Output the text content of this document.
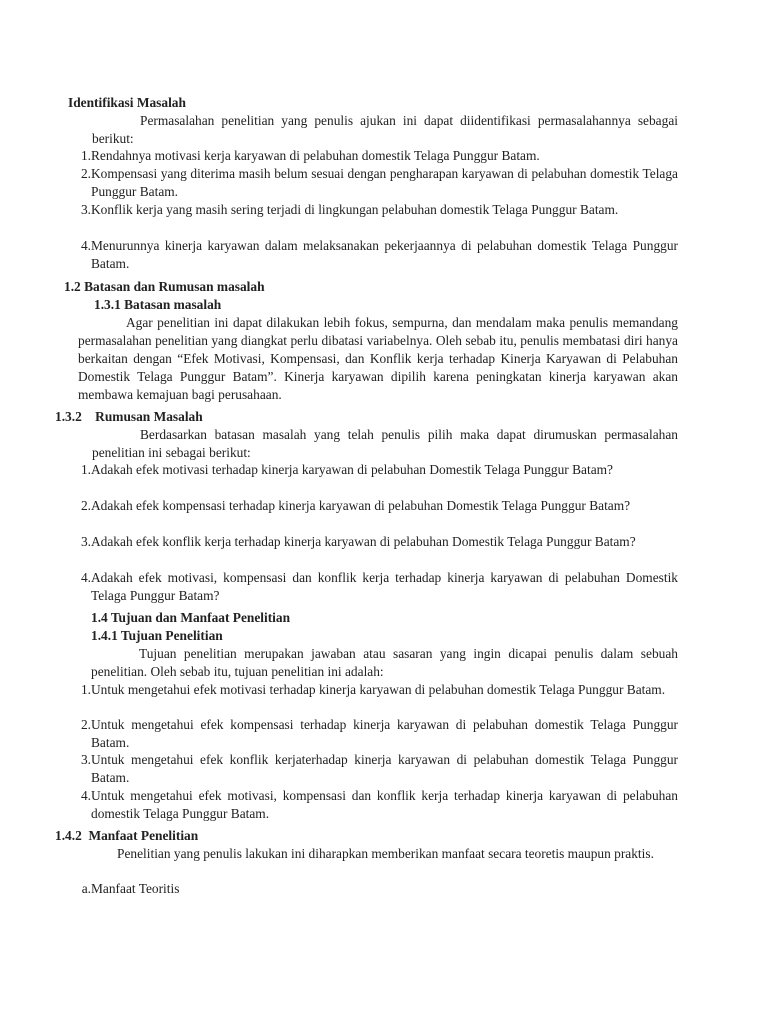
Identifikasi Masalah
Permasalahan penelitian yang penulis ajukan ini dapat diidentifikasi permasalahannya sebagai berikut:
1. Rendahnya motivasi kerja karyawan di pelabuhan domestik Telaga Punggur Batam.
2. Kompensasi yang diterima masih belum sesuai dengan pengharapan karyawan di pelabuhan domestik Telaga Punggur Batam.
3. Konflik kerja yang masih sering terjadi di lingkungan pelabuhan domestik Telaga Punggur Batam.
4. Menurunnya kinerja karyawan dalam melaksanakan pekerjaannya di pelabuhan domestik Telaga Punggur Batam.
1.2 Batasan dan Rumusan masalah
1.3.1 Batasan masalah
Agar penelitian ini dapat dilakukan lebih fokus, sempurna, dan mendalam maka penulis memandang permasalahan penelitian yang diangkat perlu dibatasi variabelnya. Oleh sebab itu, penulis membatasi diri hanya berkaitan dengan “Efek Motivasi, Kompensasi, dan Konflik kerja terhadap Kinerja Karyawan di Pelabuhan Domestik Telaga Punggur Batam”. Kinerja karyawan dipilih karena peningkatan kinerja karyawan akan membawa kemajuan bagi perusahaan.
1.3.2    Rumusan Masalah
Berdasarkan batasan masalah yang telah penulis pilih maka dapat dirumuskan permasalahan penelitian ini sebagai berikut:
1. Adakah efek motivasi terhadap kinerja karyawan di pelabuhan Domestik Telaga Punggur Batam?
2. Adakah efek kompensasi terhadap kinerja karyawan di pelabuhan Domestik Telaga Punggur Batam?
3. Adakah efek konflik kerja terhadap kinerja karyawan di pelabuhan Domestik Telaga Punggur Batam?
4. Adakah efek motivasi, kompensasi dan konflik kerja terhadap kinerja karyawan di pelabuhan Domestik Telaga Punggur Batam?
1.4 Tujuan dan Manfaat Penelitian
1.4.1 Tujuan Penelitian
Tujuan penelitian merupakan jawaban atau sasaran yang ingin dicapai penulis dalam sebuah penelitian. Oleh sebab itu, tujuan penelitian ini adalah:
1. Untuk mengetahui efek motivasi terhadap kinerja karyawan di pelabuhan domestik Telaga Punggur Batam.
2. Untuk mengetahui efek kompensasi terhadap kinerja karyawan di pelabuhan domestik Telaga Punggur Batam.
3. Untuk mengetahui efek konflik kerjaterhadap kinerja karyawan di pelabuhan domestik Telaga Punggur Batam.
4. Untuk mengetahui efek motivasi, kompensasi dan konflik kerja terhadap kinerja karyawan di pelabuhan domestik Telaga Punggur Batam.
1.4.2  Manfaat Penelitian
Penelitian yang penulis lakukan ini diharapkan memberikan manfaat secara teoretis maupun praktis.
a. Manfaat Teoritis
